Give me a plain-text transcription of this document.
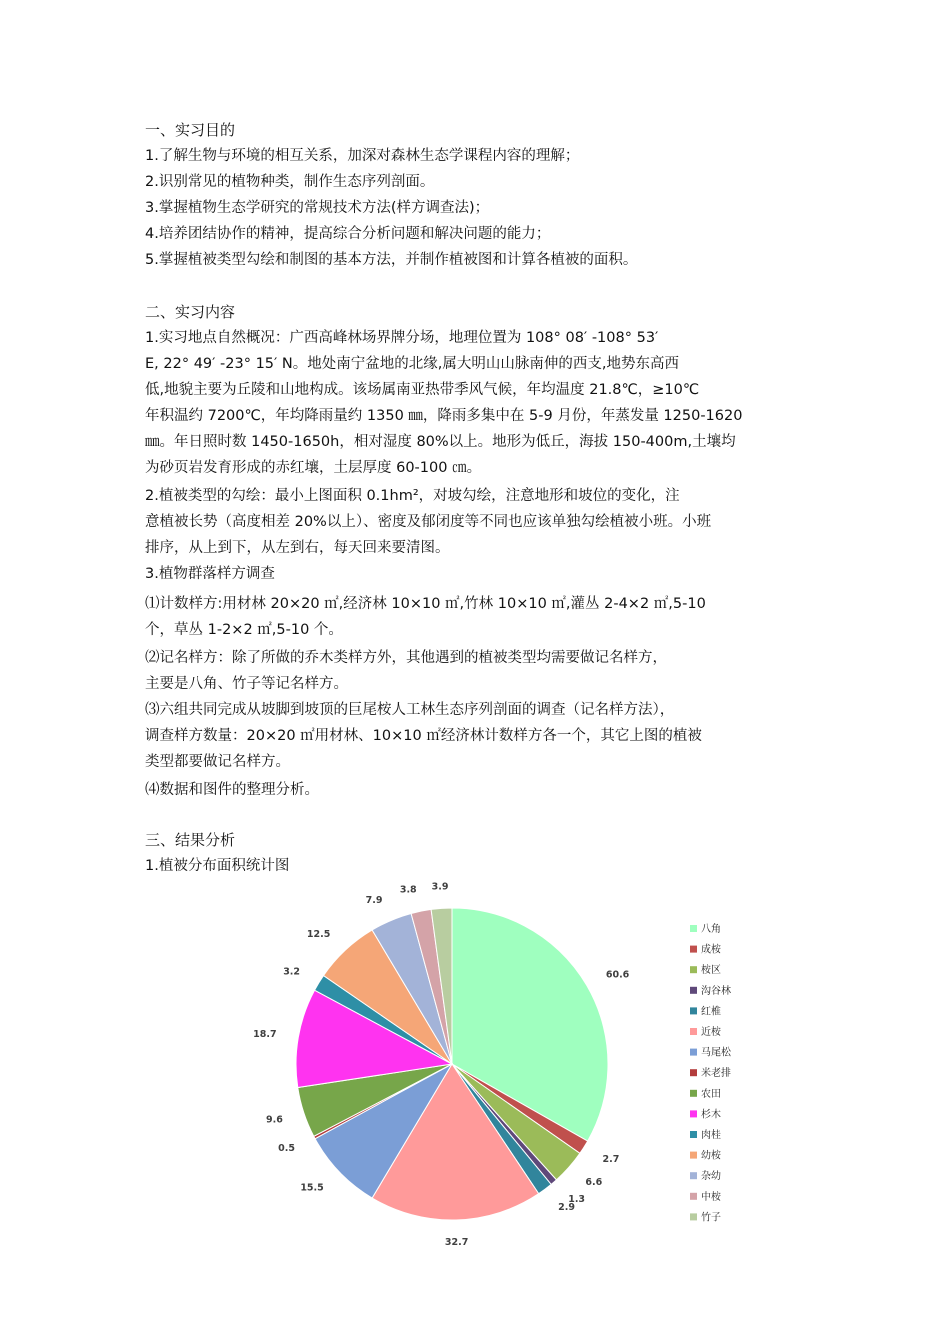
一、实习目的
1.了解生物与环境的相互关系，加深对森林生态学课程内容的理解；
2.识别常见的植物种类，制作生态序列剖面。
3.掌握植物生态学研究的常规技术方法(样方调查法)；
4.培养团结协作的精神，提高综合分析问题和解决问题的能力；
5.掌握植被类型勾绘和制图的基本方法，并制作植被图和计算各植被的面积。
二、实习内容
1.实习地点自然概况：广西高峰林场界牌分场，地理位置为 108° 08′ -108° 53′
E, 22° 49′ -23° 15′ N。地处南宁盆地的北缘,属大明山山脉南伸的西支,地势东高西
低,地貌主要为丘陵和山地构成。该场属南亚热带季风气候，年均温度 21.8℃，≥10℃
年积温约 7200℃，年均降雨量约 1350 ㎜，降雨多集中在 5-9 月份，年蒸发量 1250-1620
㎜。年日照时数 1450-1650h，相对湿度 80%以上。地形为低丘，海拔 150-400m,土壤均
为砂页岩发育形成的赤红壤，土层厚度 60-100 ㎝。
2.植被类型的勾绘：最小上图面积 0.1hm²，对坡勾绘，注意地形和坡位的变化，注
意植被长势（高度相差 20%以上）、密度及郁闭度等不同也应该单独勾绘植被小班。小班
排序，从上到下，从左到右，每天回来要清图。
3.植物群落样方调查
⑴计数样方:用材林 20×20 ㎡,经济林 10×10 ㎡,竹林 10×10 ㎡,灌丛 2-4×2 ㎡,5-10
个，草丛 1-2×2 ㎡,5-10 个。
⑵记名样方：除了所做的乔木类样方外，其他遇到的植被类型均需要做记名样方，
主要是八角、竹子等记名样方。
⑶六组共同完成从坡脚到坡顶的巨尾桉人工林生态序列剖面的调查（记名样方法），
调查样方数量：20×20 ㎡用材林、10×10 ㎡经济林计数样方各一个，其它上图的植被
类型都要做记名样方。
⑷数据和图件的整理分析。
三、结果分析
1.植被分布面积统计图
60.6
2.7
6.6
1.3
2.9
32.7
15.5
0.5
9.6
18.7
3.2
12.5
7.9
3.8 3.9
八角
成桉
桉区
沟谷林
红椎
近桉
马尾松
米老排
农田
杉木
肉桂
幼桉
杂幼
中桉
竹子
